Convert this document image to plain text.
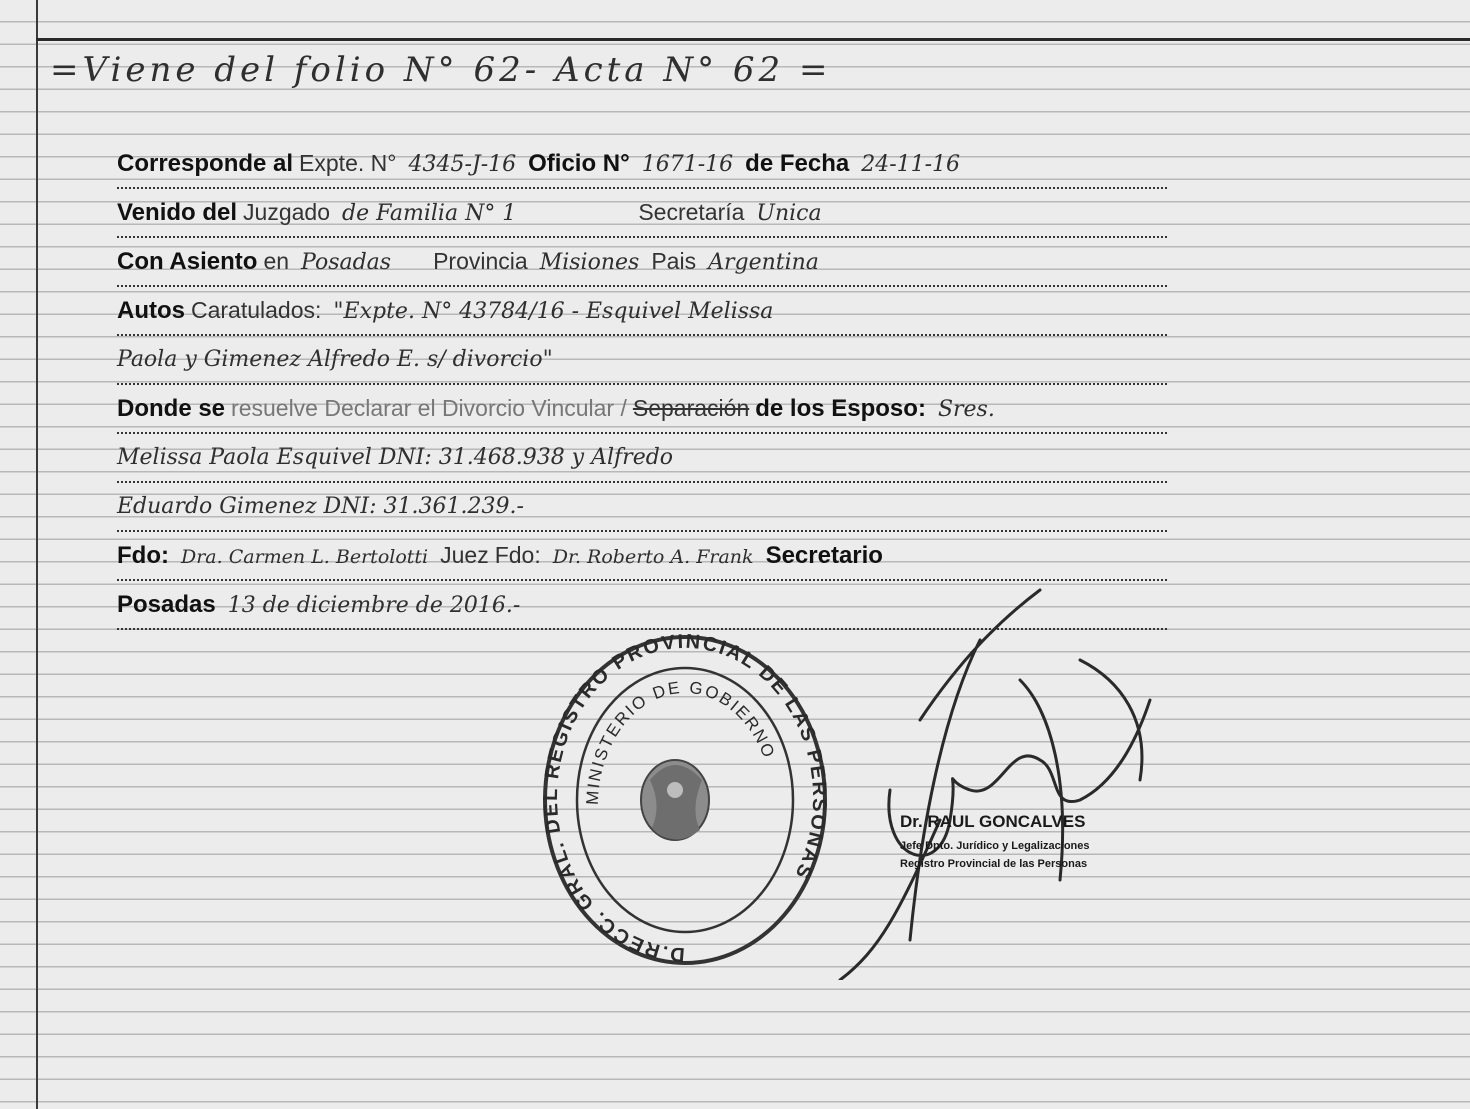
=Viene del folio N° 62- Acta N° 62 =
Corresponde al Expte. N° 4345-J-16 Oficio N° 1671-16 de Fecha 24-11-16
Venido del Juzgado de Familia N° 1	Secretaría Unica
Con Asiento en Posadas Provincia Misiones Pais Argentina
Autos Caratulados: "Expte. N° 43784/16 - Esquivel Melissa
Paola y Gimenez Alfredo E. s/ divorcio"
Donde se resuelve Declarar el Divorcio Vincular / Separación de los Esposo: Sres.
Melissa Paola Esquivel DNI: 31.468.938 y Alfredo
Eduardo Gimenez DNI: 31.361.239.-
Fdo: Dra. Carmen L. Bertolotti Juez Fdo: Dr. Roberto A. Frank Secretario
Posadas 13 de diciembre de 2016.-
D.RECC. GRAL. DEL REGISTRO PROVINCIAL DE LAS PERSONAS
MINISTERIO DE GOBIERNO
Dr. RAUL GONCALVES
Jefe Dpto. Jurídico y Legalizaciones
Registro Provincial de las Personas
